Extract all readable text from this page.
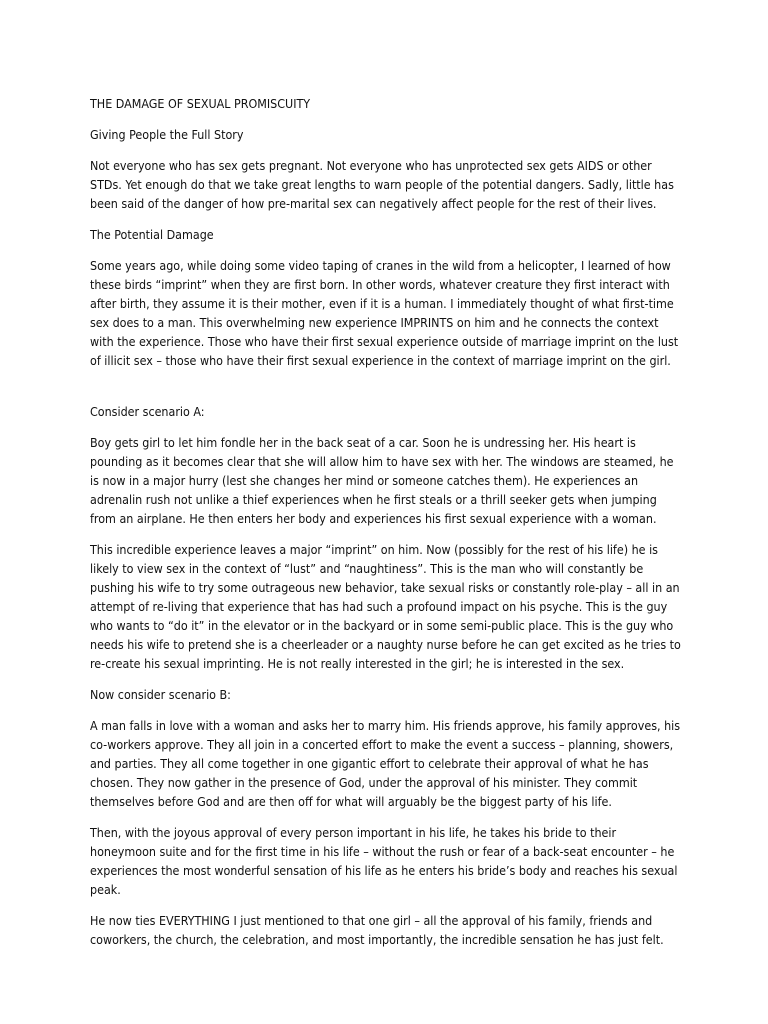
THE DAMAGE OF SEXUAL PROMISCUITY

Giving People the Full Story

Not everyone who has sex gets pregnant. Not everyone who has unprotected sex gets AIDS or other
STDs. Yet enough do that we take great lengths to warn people of the potential dangers. Sadly, little has
been said of the danger of how pre-marital sex can negatively affect people for the rest of their lives.

The Potential Damage

Some years ago, while doing some video taping of cranes in the wild from a helicopter, I learned of how
these birds “imprint” when they are first born. In other words, whatever creature they first interact with
after birth, they assume it is their mother, even if it is a human. I immediately thought of what first-time
sex does to a man. This overwhelming new experience IMPRINTS on him and he connects the context
with the experience. Those who have their first sexual experience outside of marriage imprint on the lust
of illicit sex – those who have their first sexual experience in the context of marriage imprint on the girl.

Consider scenario A:

Boy gets girl to let him fondle her in the back seat of a car. Soon he is undressing her. His heart is
pounding as it becomes clear that she will allow him to have sex with her. The windows are steamed, he
is now in a major hurry (lest she changes her mind or someone catches them). He experiences an
adrenalin rush not unlike a thief experiences when he first steals or a thrill seeker gets when jumping
from an airplane. He then enters her body and experiences his first sexual experience with a woman.

This incredible experience leaves a major “imprint” on him. Now (possibly for the rest of his life) he is
likely to view sex in the context of “lust” and “naughtiness”. This is the man who will constantly be
pushing his wife to try some outrageous new behavior, take sexual risks or constantly role-play – all in an
attempt of re-living that experience that has had such a profound impact on his psyche. This is the guy
who wants to “do it” in the elevator or in the backyard or in some semi-public place. This is the guy who
needs his wife to pretend she is a cheerleader or a naughty nurse before he can get excited as he tries to
re-create his sexual imprinting. He is not really interested in the girl; he is interested in the sex.

Now consider scenario B:

A man falls in love with a woman and asks her to marry him. His friends approve, his family approves, his
co-workers approve. They all join in a concerted effort to make the event a success – planning, showers,
and parties. They all come together in one gigantic effort to celebrate their approval of what he has
chosen. They now gather in the presence of God, under the approval of his minister. They commit
themselves before God and are then off for what will arguably be the biggest party of his life.

Then, with the joyous approval of every person important in his life, he takes his bride to their
honeymoon suite and for the first time in his life – without the rush or fear of a back-seat encounter – he
experiences the most wonderful sensation of his life as he enters his bride’s body and reaches his sexual
peak.

He now ties EVERYTHING I just mentioned to that one girl – all the approval of his family, friends and
coworkers, the church, the celebration, and most importantly, the incredible sensation he has just felt.
